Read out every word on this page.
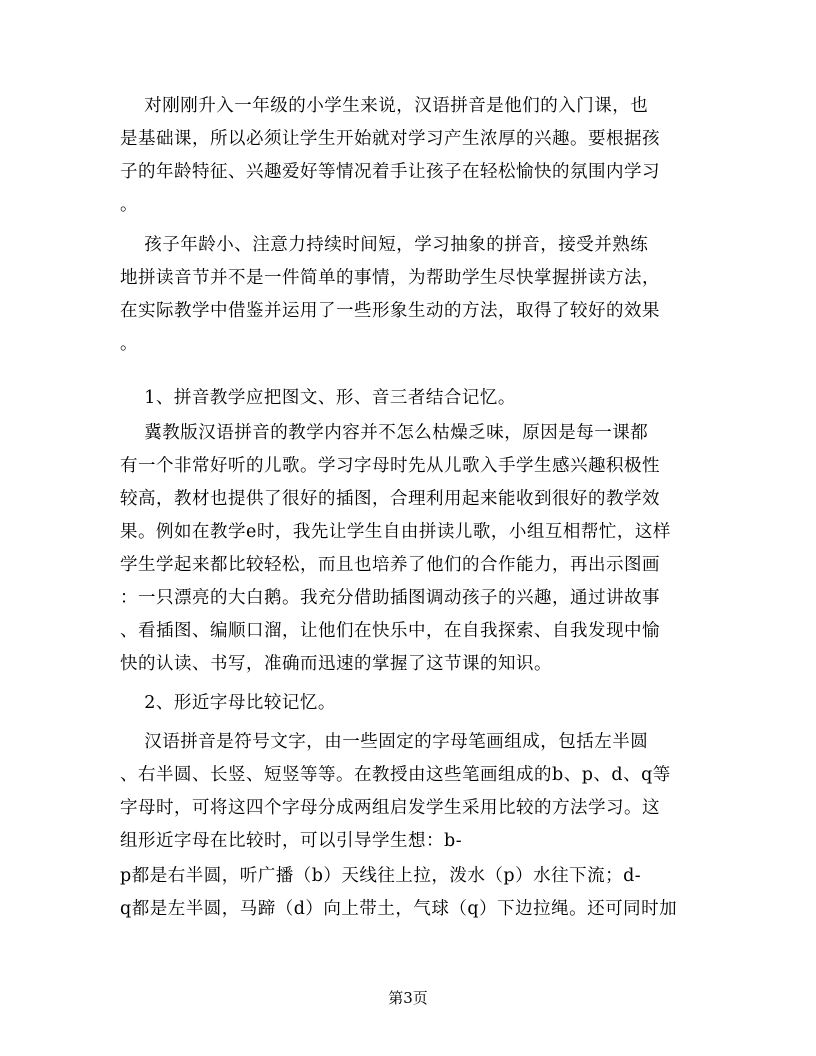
对刚刚升入一年级的小学生来说，汉语拼音是他们的入门课，也
是基础课，所以必须让学生开始就对学习产生浓厚的兴趣。要根据孩
子的年龄特征、兴趣爱好等情况着手让孩子在轻松愉快的氛围内学习
。
孩子年龄小、注意力持续时间短，学习抽象的拼音，接受并熟练
地拼读音节并不是一件简单的事情，为帮助学生尽快掌握拼读方法，
在实际教学中借鉴并运用了一些形象生动的方法，取得了较好的效果
。
1、拼音教学应把图文、形、音三者结合记忆。
冀教版汉语拼音的教学内容并不怎么枯燥乏味，原因是每一课都
有一个非常好听的儿歌。学习字母时先从儿歌入手学生感兴趣积极性
较高，教材也提供了很好的插图，合理利用起来能收到很好的教学效
果。例如在教学e时，我先让学生自由拼读儿歌，小组互相帮忙，这样
学生学起来都比较轻松，而且也培养了他们的合作能力，再出示图画
：一只漂亮的大白鹅。我充分借助插图调动孩子的兴趣，通过讲故事
、看插图、编顺口溜，让他们在快乐中，在自我探索、自我发现中愉
快的认读、书写，准确而迅速的掌握了这节课的知识。
2、形近字母比较记忆。
汉语拼音是符号文字，由一些固定的字母笔画组成，包括左半圆
、右半圆、长竖、短竖等等。在教授由这些笔画组成的b、p、d、q等
字母时，可将这四个字母分成两组启发学生采用比较的方法学习。这
组形近字母在比较时，可以引导学生想：b-
p都是右半圆，听广播（b）天线往上拉，泼水（p）水往下流；d-
q都是左半圆，马蹄（d）向上带土，气球（q）下边拉绳。还可同时加
第3页
